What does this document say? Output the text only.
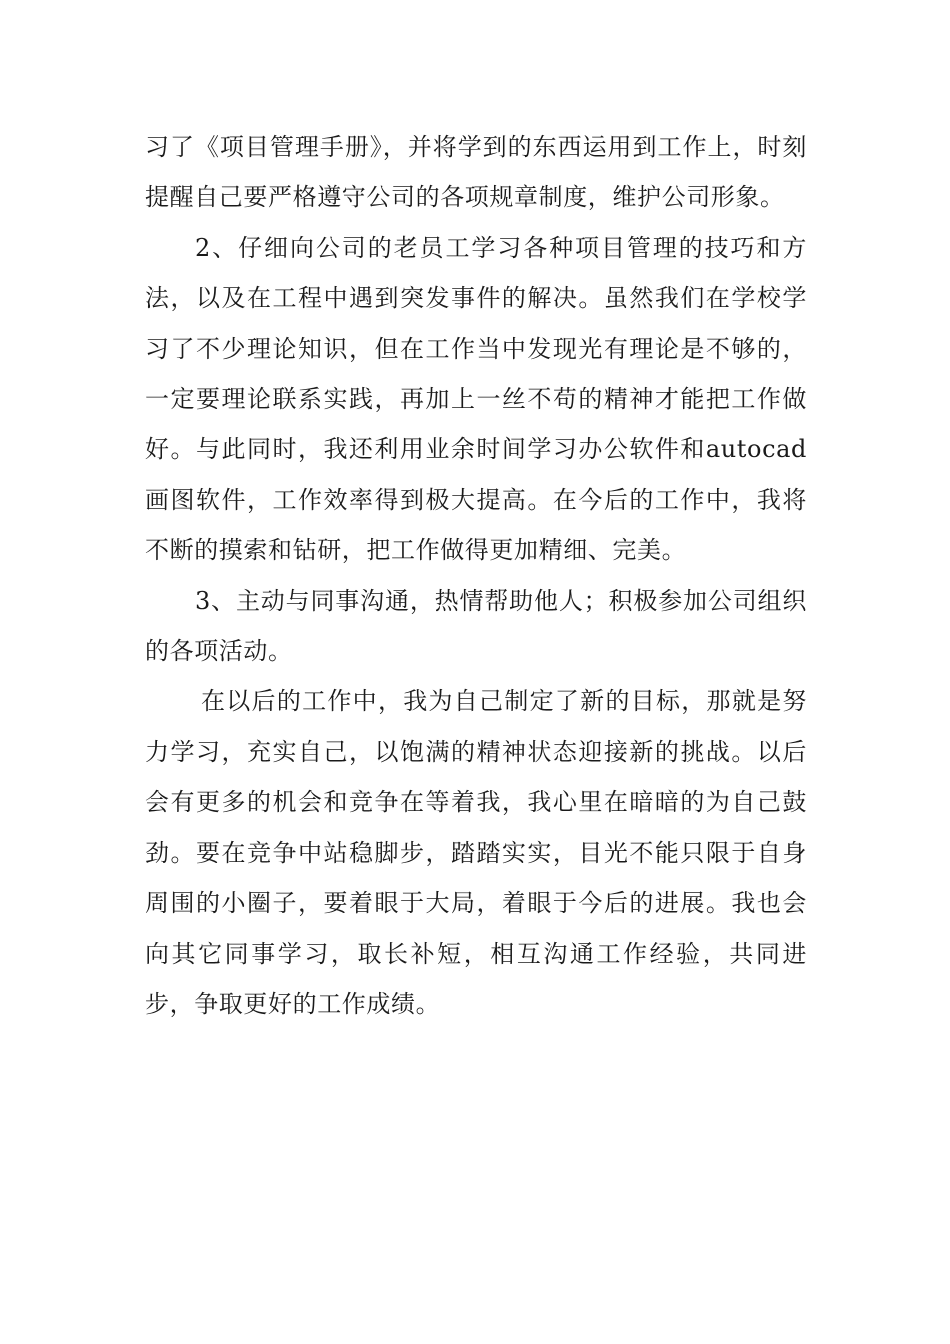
习了《项目管理手册》，并将学到的东西运用到工作上，时刻提醒自己要严格遵守公司的各项规章制度，维护公司形象。

2、仔细向公司的老员工学习各种项目管理的技巧和方法，以及在工程中遇到突发事件的解决。虽然我们在学校学习了不少理论知识，但在工作当中发现光有理论是不够的，一定要理论联系实践，再加上一丝不苟的精神才能把工作做好。与此同时，我还利用业余时间学习办公软件和autocad画图软件，工作效率得到极大提高。在今后的工作中，我将不断的摸索和钻研，把工作做得更加精细、完美。

3、主动与同事沟通，热情帮助他人；积极参加公司组织的各项活动。

在以后的工作中，我为自己制定了新的目标，那就是努力学习，充实自己，以饱满的精神状态迎接新的挑战。以后会有更多的机会和竞争在等着我，我心里在暗暗的为自己鼓劲。要在竞争中站稳脚步，踏踏实实，目光不能只限于自身周围的小圈子，要着眼于大局，着眼于今后的进展。我也会向其它同事学习，取长补短，相互沟通工作经验，共同进步，争取更好的工作成绩。
